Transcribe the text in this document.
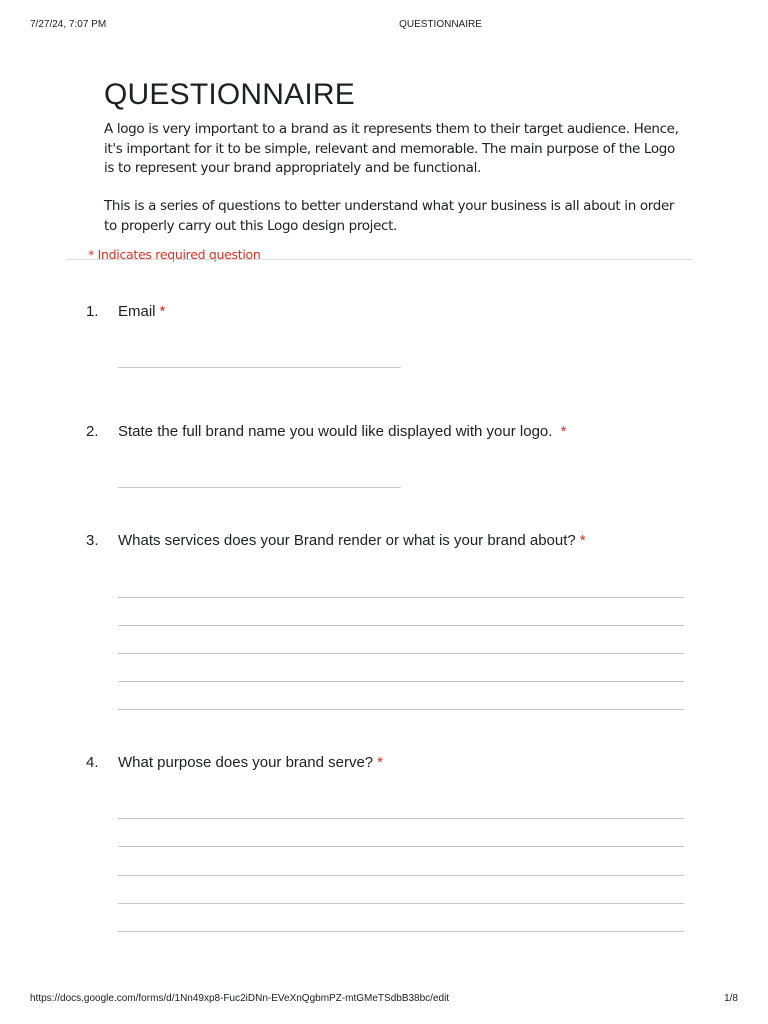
7/27/24, 7:07 PM	QUESTIONNAIRE
QUESTIONNAIRE

A logo is very important to a brand as it represents them to their target audience. Hence, it's important for it to be simple, relevant and memorable. The main purpose of the Logo is to represent your brand appropriately and be functional.

This is a series of questions to better understand what your business is all about in order to properly carry out this Logo design project.

* Indicates required question
1. Email *
2. State the full brand name you would like displayed with your logo. *
3. Whats services does your Brand render or what is your brand about? *
4. What purpose does your brand serve? *
https://docs.google.com/forms/d/1Nn49xp8-Fuc2iDNn-EVeXnQgbmPZ-mtGMeTSdbB38bc/edit	1/8
